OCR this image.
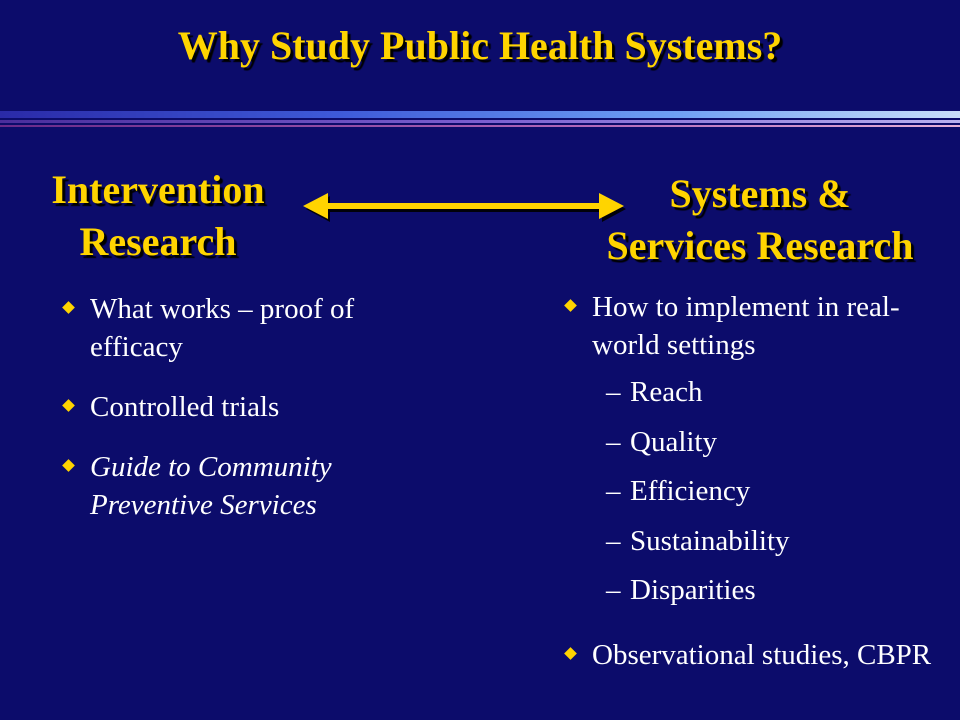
Why Study Public Health Systems?
Intervention
Research
Systems &
Services Research
What works – proof of efficacy
Controlled trials
Guide to Community Preventive Services
How to implement in real-world settings
– Reach
– Quality
– Efficiency
– Sustainability
– Disparities
Observational studies, CBPR
